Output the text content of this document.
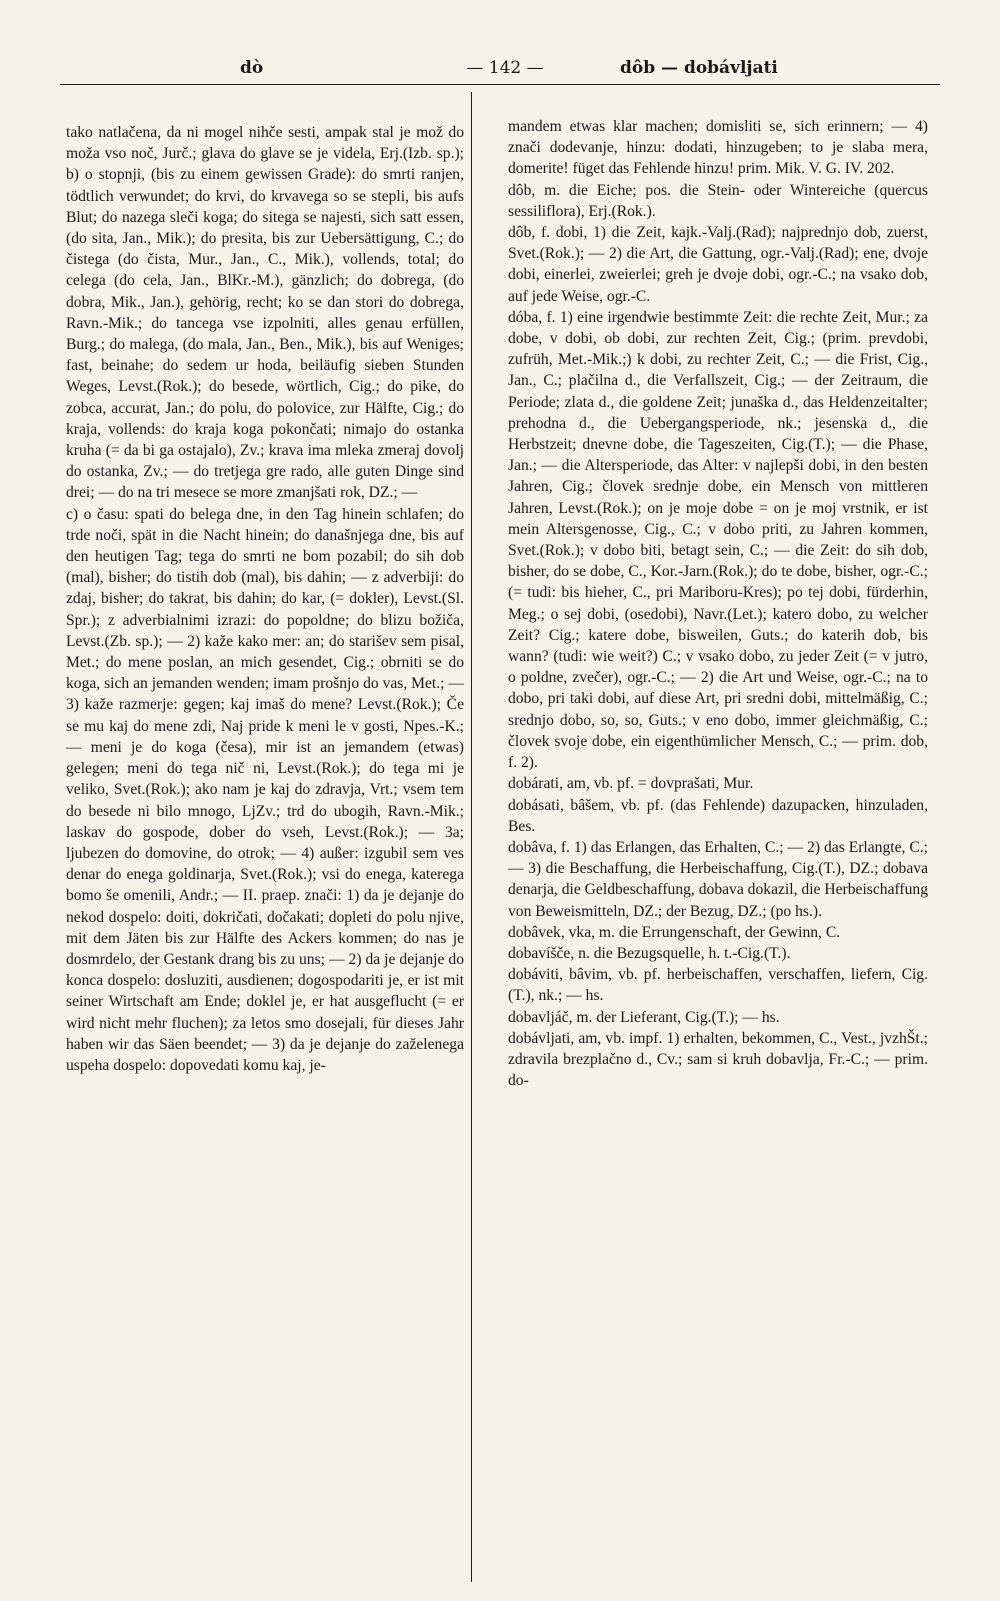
dò	— 142 —	dôb — dobávljati

tako natlačena, da ni mogel nihče sesti, ampak stal je mož do moža vso noč, Jurč.; glava do glave se je videla, Erj.(Izb. sp.); b) o stopnji, (bis zu einem gewissen Grade): do smrti ranjen, tödtlich verwundet; do krvi, do krvavega so se stepli, bis aufs Blut; do nazega sleči koga; do sitega se najesti, sich satt essen, (do sita, Jan., Mik.); do presita, bis zur Uebersättigung, C.; do čistega (do čista, Mur., Jan., C., Mik.), vollends, total; do celega (do cela, Jan., BlKr.-M.), gänzlich; do dobrega, (do dobra, Mik., Jan.), gehörig, recht; ko se dan stori do dobrega, Ravn.-Mik.; do tancega vse izpolniti, alles genau erfüllen, Burg.; do malega, (do mala, Jan., Ben., Mik.), bis auf Weniges; fast, beinahe; do sedem ur hoda, beiläufig sieben Stunden Weges, Levst.(Rok.); do besede, wörtlich, Cig.; do pike, do zobca, accurat, Jan.; do polu, do polovice, zur Hälfte, Cig.; do kraja, vollends: do kraja koga pokončati; nimajo do ostanka kruha (= da bi ga ostajalo), Zv.; krava ima mleka zmeraj dovolj do ostanka, Zv.; — do tretjega gre rado, alle guten Dinge sind drei; — do na tri mesece se more zmanjšati rok, DZ.; —

c) o času: spati do belega dne, in den Tag hinein schlafen; do trde noči, spät in die Nacht hinein; do današnjega dne, bis auf den heutigen Tag; tega do smrti ne bom pozabil; do sih dob (mal), bisher; do tistih dob (mal), bis dahin; — z adverbiji: do zdaj, bisher; do takrat, bis dahin; do kar, (= dokler), Levst.(Sl. Spr.); z adverbialnimi izrazi: do popoldne; do blizu božiča, Levst.(Zb. sp.); — 2) kaže kako mer: an; do starišev sem pisal, Met.; do mene poslan, an mich gesendet, Cig.; obrniti se do koga, sich an jemanden wenden; imam prošnjo do vas, Met.; — 3) kaže razmerje: gegen; kaj imaš do mene? Levst.(Rok.); Če se mu kaj do mene zdi, Naj pride k meni le v gosti, Npes.-K.; — meni je do koga (česa), mir ist an jemandem (etwas) gelegen; meni do tega nič ni, Levst.(Rok.); do tega mi je veliko, Svet.(Rok.); ako nam je kaj do zdravja, Vrt.; vsem tem do besede ni bilo mnogo, LjZv.; trd do ubogih, Ravn.-Mik.; laskav do gospode, dober do vseh, Levst.(Rok.); — 3a; ljubezen do domovine, do otrok; — 4) außer: izgubil sem ves denar do enega goldinarja, Svet.(Rok.); vsi do enega, katerega bomo še omenili, Andr.; — II. praep. znači: 1) da je dejanje do nekod dospelo: doiti, dokričati, dočakati; dopleti do polu njive, mit dem Jäten bis zur Hälfte des Ackers kommen; do nas je dosmrdelo, der Gestank drang bis zu uns; — 2) da je dejanje do konca dospelo: dosluziti, ausdienen; dogospodariti je, er ist mit seiner Wirtschaft am Ende; doklel je, er hat ausgeflucht (= er wird nicht mehr fluchen); za letos smo dosejali, für dieses Jahr haben wir das Säen beendet; — 3) da je dejanje do zaželenega uspeha dospelo: dopovedati komu kaj, je-

mandem etwas klar machen; domisliti se, sich erinnern; — 4) znači dodevanje, hinzu: dodati, hinzugeben; to je slaba mera, domerite! füget das Fehlende hinzu! prim. Mik. V. G. IV. 202.

dôb, m. die Eiche; pos. die Stein- oder Wintereiche (quercus sessiliflora), Erj.(Rok.).

dôb, f. dobi, 1) die Zeit, kajk.-Valj.(Rad); najprednjo dob, zuerst, Svet.(Rok.); — 2) die Art, die Gattung, ogr.-Valj.(Rad); ene, dvoje dobi, einerlei, zweierlei; greh je dvoje dobi, ogr.-C.; na vsako dob, auf jede Weise, ogr.-C.

dóba, f. 1) eine irgendwie bestimmte Zeit: die rechte Zeit, Mur.; za dobe, v dobi, ob dobi, zur rechten Zeit, Cig.; (prim. prevdobi, zufrüh, Met.-Mik.;) k dobi, zu rechter Zeit, C.; — die Frist, Cig., Jan., C.; plačilna d., die Verfallszeit, Cig.; — der Zeitraum, die Periode; zlata d., die goldene Zeit; junaška d., das Heldenzeitalter; prehodna d., die Uebergangsperiode, nk.; jesenska d., die Herbstzeit; dnevne dobe, die Tageszeiten, Cig.(T.); — die Phase, Jan.; — die Altersperiode, das Alter: v najlepši dobi, in den besten Jahren, Cig.; človek srednje dobe, ein Mensch von mittleren Jahren, Levst.(Rok.); on je moje dobe = on je moj vrstnik, er ist mein Altersgenosse, Cig., C.; v dobo priti, zu Jahren kommen, Svet.(Rok.); v dobo biti, betagt sein, C.; — die Zeit: do sih dob, bisher, do se dobe, C., Kor.-Jarn.(Rok.); do te dobe, bisher, ogr.-C.; (= tudi: bis hieher, C., pri Mariboru-Kres); po tej dobi, fürderhin, Meg.; o sej dobi, (osedobi), Navr.(Let.); katero dobo, zu welcher Zeit? Cig.; katere dobe, bisweilen, Guts.; do katerih dob, bis wann? (tudi: wie weit?) C.; v vsako dobo, zu jeder Zeit (= v jutro, o poldne, zvečer), ogr.-C.; — 2) die Art und Weise, ogr.-C.; na to dobo, pri taki dobi, auf diese Art, pri sredni dobi, mittelmäßig, C.; srednjo dobo, so, so, Guts.; v eno dobo, immer gleichmäßig, C.; človek svoje dobe, ein eigenthümlicher Mensch, C.; — prim. dob, f. 2).

dobárati, am, vb. pf. = dovprašati, Mur.

dobásati, bâšem, vb. pf. (das Fehlende) dazupacken, hinzuladen, Bes.

dobâva, f. 1) das Erlangen, das Erhalten, C.; — 2) das Erlangte, C.; — 3) die Beschaffung, die Herbeischaffung, Cig.(T.), DZ.; dobava denarja, die Geldbeschaffung, dobava dokazil, die Herbeischaffung von Beweismitteln, DZ.; der Bezug, DZ.; (po hs.).

dobâvek, vka, m. die Errungenschaft, der Gewinn, C.

dobavíšče, n. die Bezugsquelle, h. t.-Cig.(T.).

dobáviti, bâvim, vb. pf. herbeischaffen, verschaffen, liefern, Cig.(T.), nk.; — hs.

dobavljáč, m. der Lieferant, Cig.(T.); — hs.

dobávljati, am, vb. impf. 1) erhalten, bekommen, C., Vest., jvzhŠt.; zdravila brezplačno d., Cv.; sam si kruh dobavlja, Fr.-C.; — prim. do-
